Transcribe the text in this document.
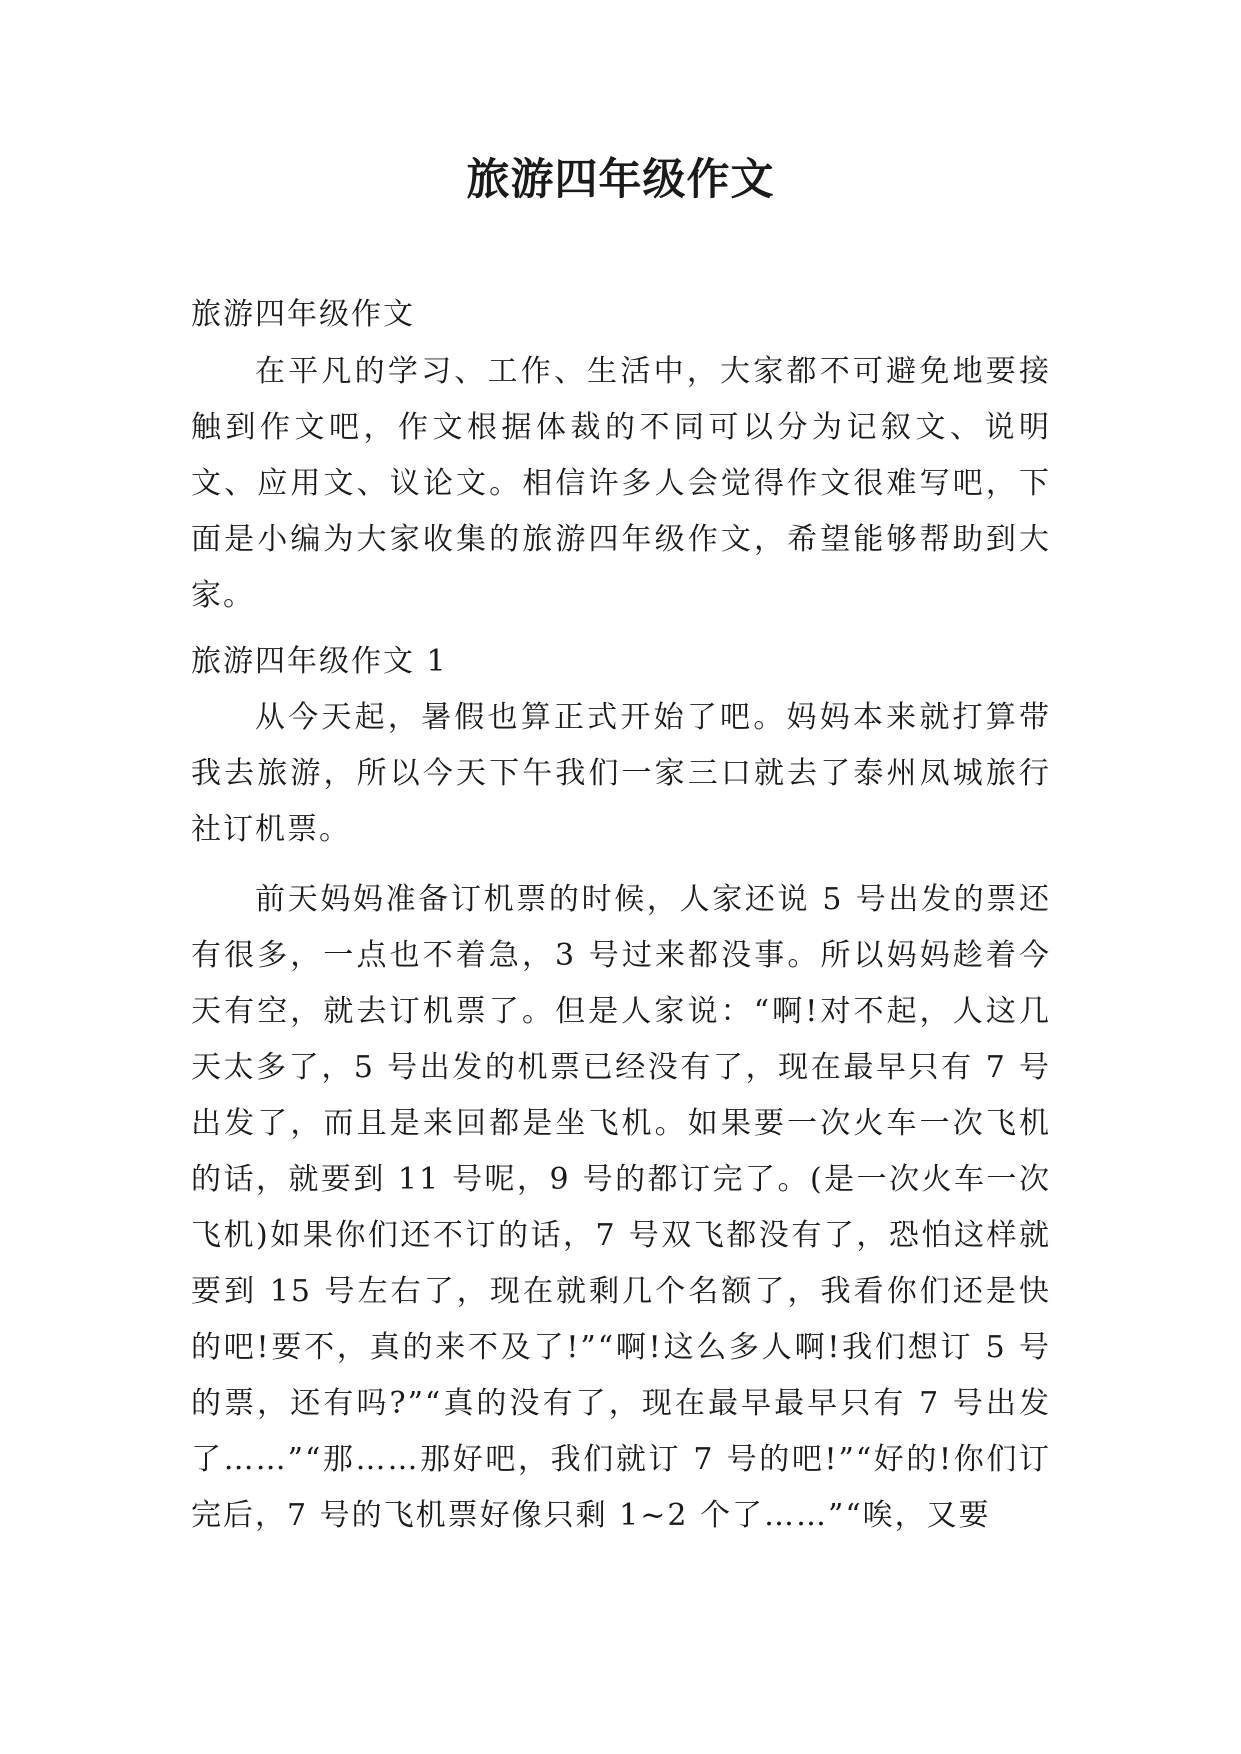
旅游四年级作文
旅游四年级作文

在平凡的学习、工作、生活中，大家都不可避免地要接触到作文吧，作文根据体裁的不同可以分为记叙文、说明文、应用文、议论文。相信许多人会觉得作文很难写吧，下面是小编为大家收集的旅游四年级作文，希望能够帮助到大家。

旅游四年级作文 1

从今天起，暑假也算正式开始了吧。妈妈本来就打算带我去旅游，所以今天下午我们一家三口就去了泰州凤城旅行社订机票。

前天妈妈准备订机票的时候，人家还说 5 号出发的票还有很多，一点也不着急，3 号过来都没事。所以妈妈趁着今天有空，就去订机票了。但是人家说：“啊!对不起，人这几天太多了，5 号出发的机票已经没有了，现在最早只有 7 号出发了，而且是来回都是坐飞机。如果要一次火车一次飞机的话，就要到 11 号呢，9 号的都订完了。(是一次火车一次飞机)如果你们还不订的话，7 号双飞都没有了，恐怕这样就要到 15 号左右了，现在就剩几个名额了，我看你们还是快的吧!要不，真的来不及了!”“啊!这么多人啊!我们想订 5 号的票，还有吗?”“真的没有了，现在最早最早只有 7 号出发了……”“那……那好吧，我们就订 7 号的吧!”“好的!你们订完后，7 号的飞机票好像只剩 1~2 个了……”“唉，又要
